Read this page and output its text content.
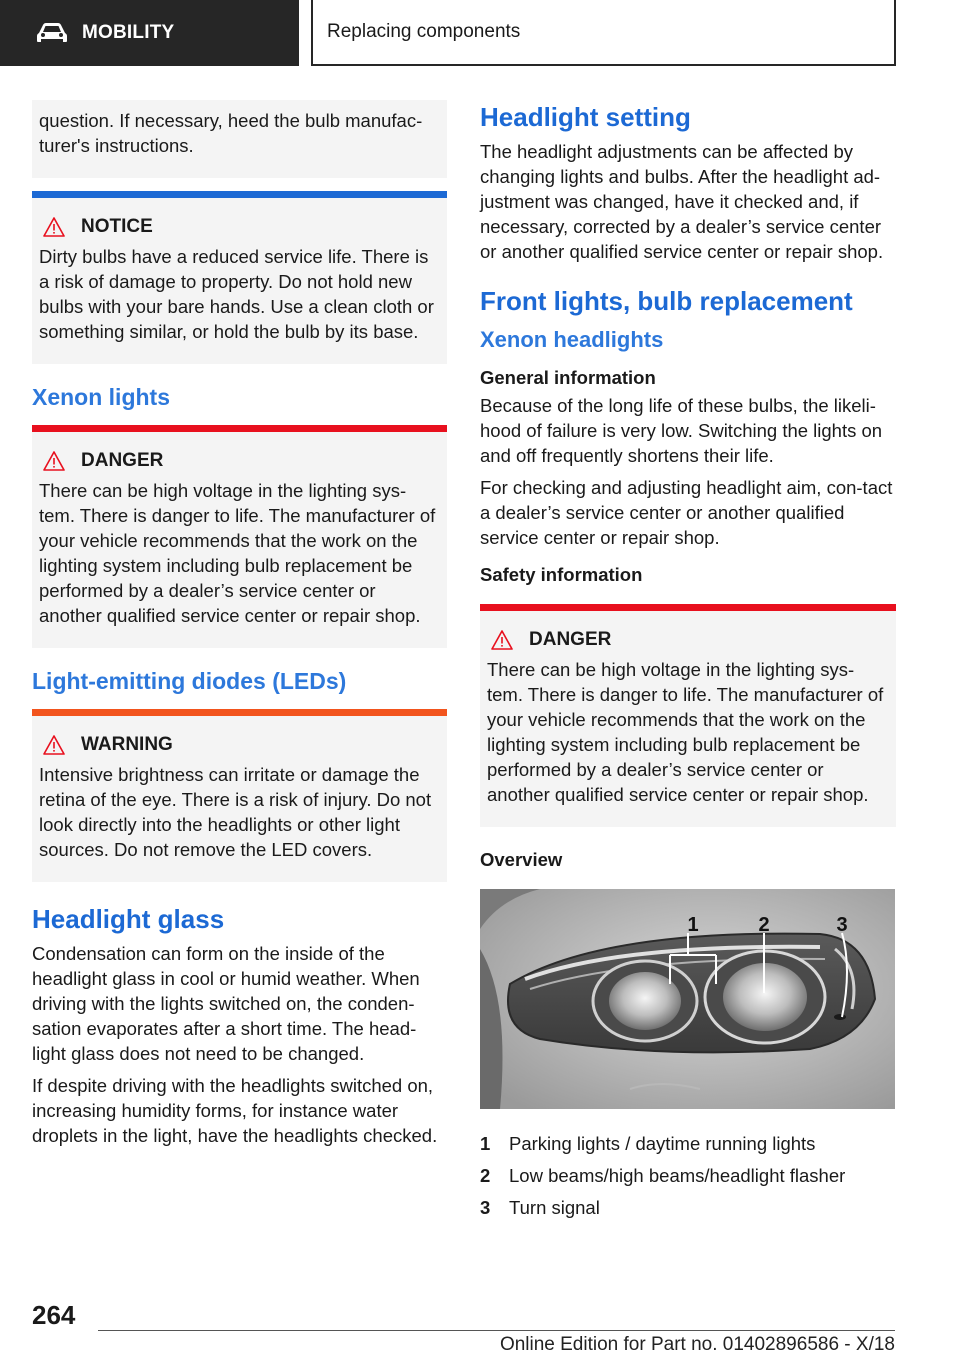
MOBILITY	Replacing components

question. If necessary, heed the bulb manufac‐turer's instructions.

NOTICE

Dirty bulbs have a reduced service life. There is a risk of damage to property. Do not hold new bulbs with your bare hands. Use a clean cloth or something similar, or hold the bulb by its base.

Xenon lights
DANGER

There can be high voltage in the lighting sys‐tem. There is danger to life. The manufacturer of your vehicle recommends that the work on the lighting system including bulb replacement be performed by a dealer’s service center or another qualified service center or repair shop.

Light-emitting diodes (LEDs)
WARNING

Intensive brightness can irritate or damage the retina of the eye. There is a risk of injury. Do not look directly into the headlights or other light sources. Do not remove the LED covers.

Headlight glass

Condensation can form on the inside of the headlight glass in cool or humid weather. When driving with the lights switched on, the conden‐sation evaporates after a short time. The head‐light glass does not need to be changed.

If despite driving with the headlights switched on, increasing humidity forms, for instance water droplets in the light, have the headlights checked.

Headlight setting

The headlight adjustments can be affected by changing lights and bulbs. After the headlight ad‐justment was changed, have it checked and, if necessary, corrected by a dealer’s service center or another qualified service center or repair shop.

Front lights, bulb replacement
Xenon headlights
General information

Because of the long life of these bulbs, the likeli‐hood of failure is very low. Switching the lights on and off frequently shortens their life.

For checking and adjusting headlight aim, con‐tact a dealer’s service center or another qualified service center or repair shop.

Safety information
DANGER

There can be high voltage in the lighting sys‐tem. There is danger to life. The manufacturer of your vehicle recommends that the work on the lighting system including bulb replacement be performed by a dealer’s service center or another qualified service center or repair shop.

Overview
1	2	3
1	Parking lights / daytime running lights
2	Low beams/high beams/headlight flasher
3	Turn signal
264
Online Edition for Part no. 01402896586 - X/18
